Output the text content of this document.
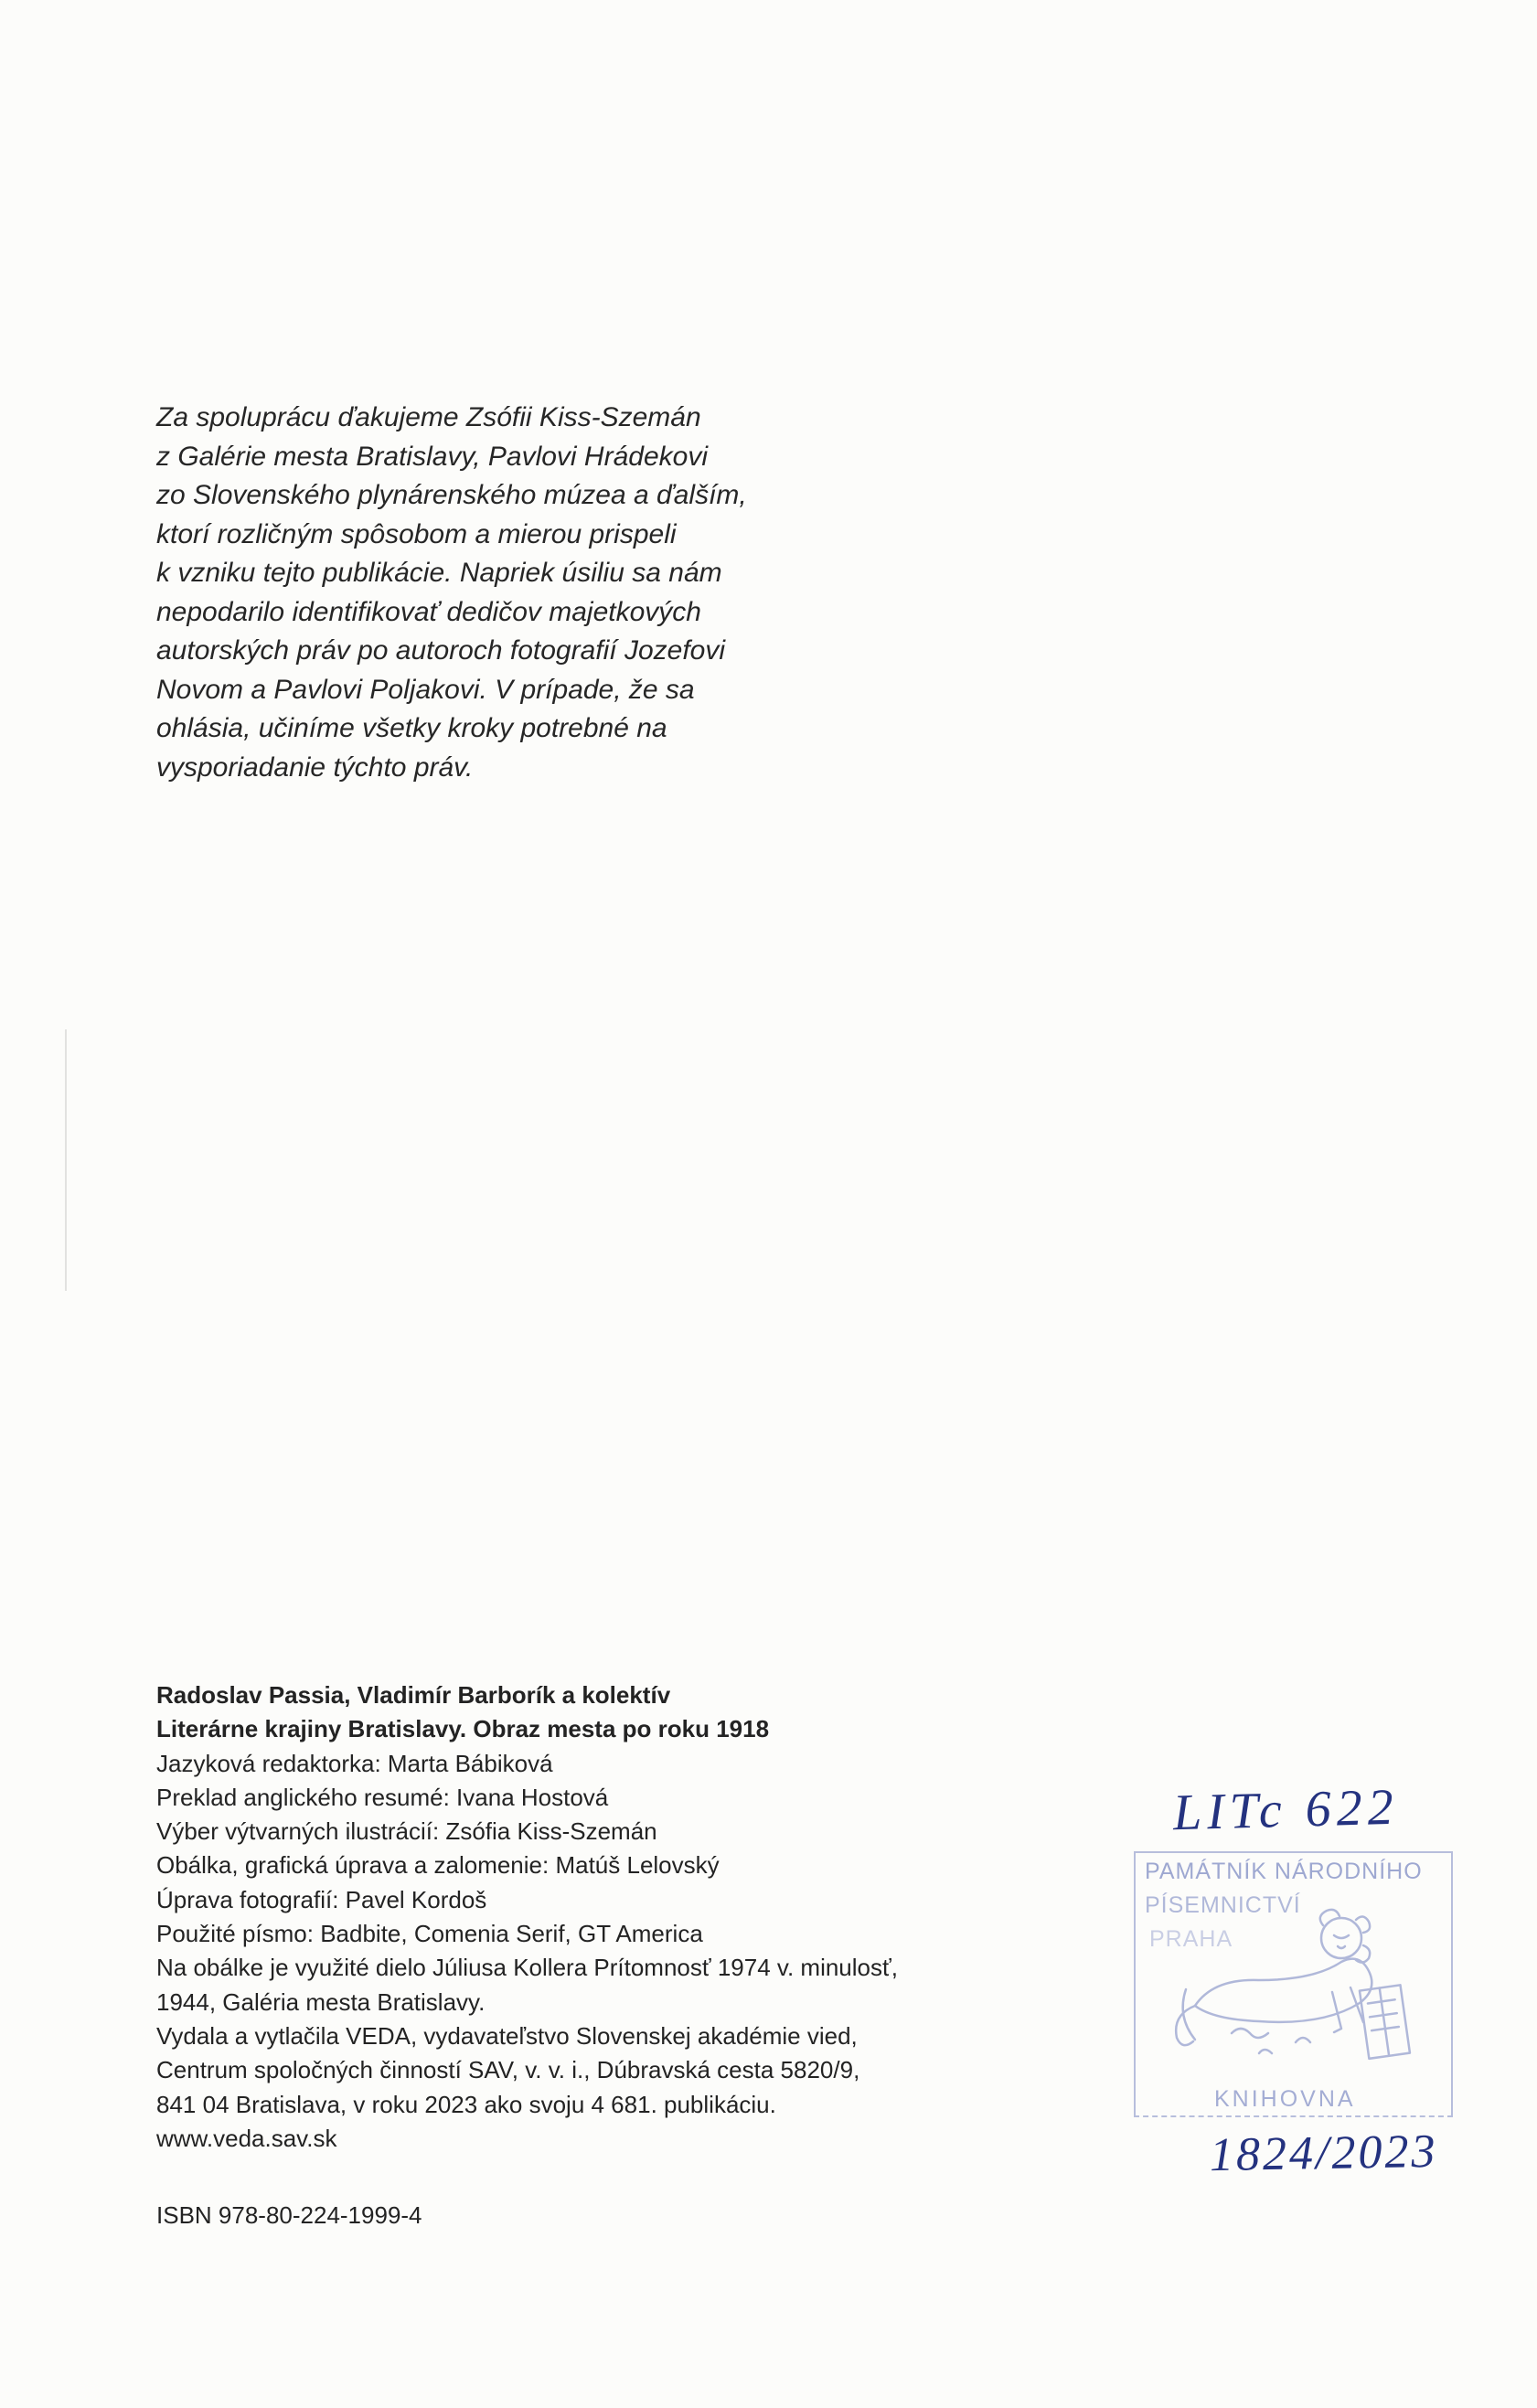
Za spoluprácu ďakujeme Zsófii Kiss-Szemán
z Galérie mesta Bratislavy, Pavlovi Hrádekovi
zo Slovenského plynárenského múzea a ďalším,
ktorí rozličným spôsobom a mierou prispeli
k vzniku tejto publikácie. Napriek úsiliu sa nám
nepodarilo identifikovať dedičov majetkových
autorských práv po autoroch fotografií Jozefovi
Novom a Pavlovi Poljakovi. V prípade, že sa
ohlásia, učiníme všetky kroky potrebné na
vysporiadanie týchto práv.
Radoslav Passia, Vladimír Barborík a kolektív
Literárne krajiny Bratislavy. Obraz mesta po roku 1918
Jazyková redaktorka: Marta Bábiková
Preklad anglického resumé: Ivana Hostová
Výber výtvarných ilustrácií: Zsófia Kiss-Szemán
Obálka, grafická úprava a zalomenie: Matúš Lelovský
Úprava fotografií: Pavel Kordoš
Použité písmo: Badbite, Comenia Serif, GT America
Na obálke je využité dielo Júliusa Kollera Prítomnosť 1974 v. minulosť,
1944, Galéria mesta Bratislavy.
Vydala a vytlačila VEDA, vydavateľstvo Slovenskej akadémie vied,
Centrum spoločných činností SAV, v. v. i., Dúbravská cesta 5820/9,
841 04 Bratislava, v roku 2023 ako svoju 4 681. publikáciu.
www.veda.sav.sk
ISBN 978-80-224-1999-4
LITc 622
PAMÁTNÍK NÁRODNÍHO
PÍSEMNICTVÍ
PRAHA
KNIHOVNA
1824/2023
